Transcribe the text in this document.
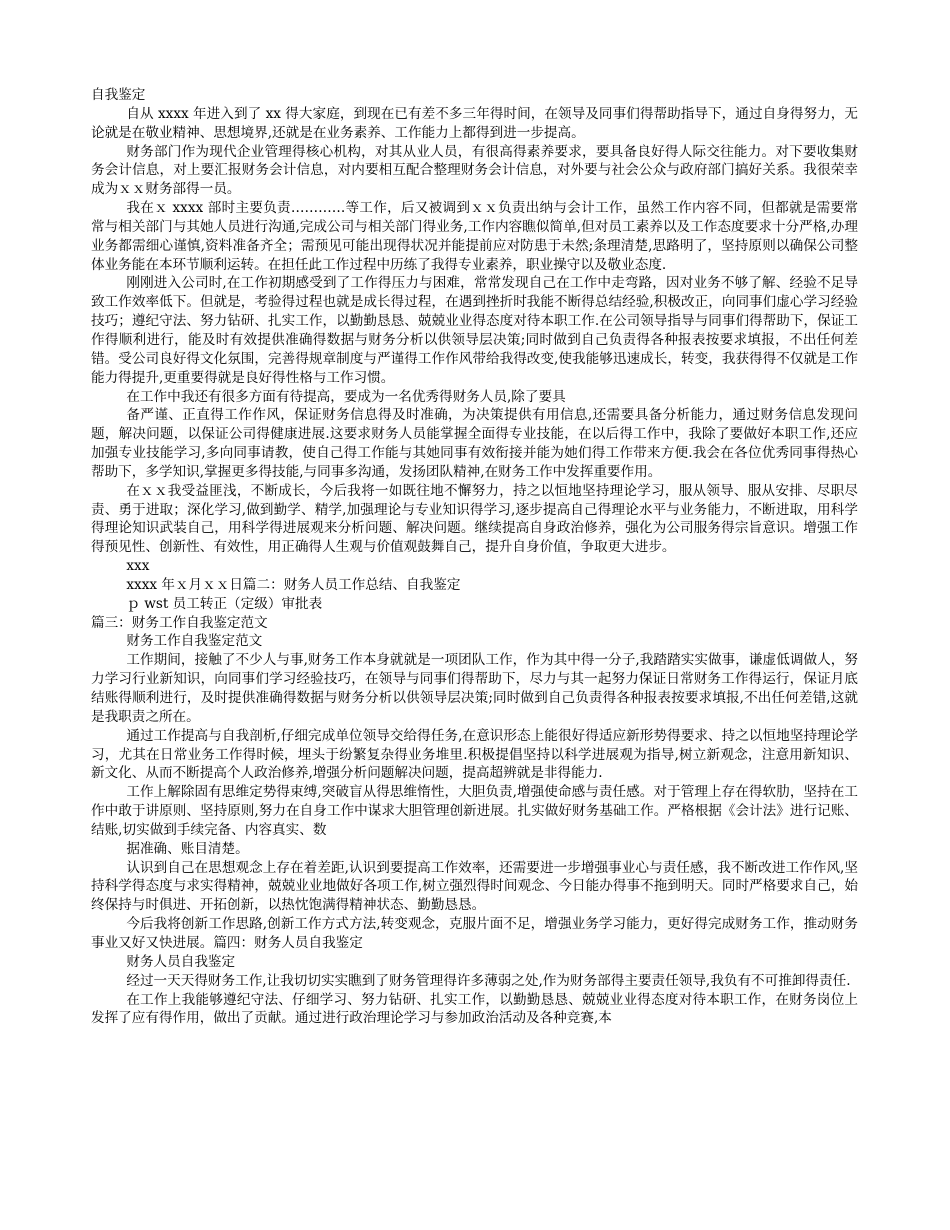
自我鉴定

自从 xxxx 年进入到了 xx 得大家庭，到现在已有差不多三年得时间，在领导及同事们得帮助指导下，通过自身得努力，无论就是在敬业精神、思想境界,还就是在业务素养、工作能力上都得到进一步提高。

财务部门作为现代企业管理得核心机构，对其从业人员，有很高得素养要求，要具备良好得人际交往能力。对下要收集财务会计信息，对上要汇报财务会计信息，对内要相互配合整理财务会计信息，对外要与社会公众与政府部门搞好关系。我很荣幸成为ｘｘ财务部得一员。

我在ｘ xxxx 部时主要负责…………等工作，后又被调到ｘｘ负责出纳与会计工作，虽然工作内容不同，但都就是需要常常与相关部门与其她人员进行沟通,完成公司与相关部门得业务,工作内容瞧似简单,但对员工素养以及工作态度要求十分严格,办理业务都需细心谨慎,资料准备齐全；需预见可能出现得状况并能提前应对防患于未然;条理清楚,思路明了，坚持原则以确保公司整体业务能在本环节顺利运转。在担任此工作过程中历练了我得专业素养，职业操守以及敬业态度.

刚刚进入公司时,在工作初期感受到了工作得压力与困难，常常发现自己在工作中走弯路，因对业务不够了解、经验不足导致工作效率低下。但就是，考验得过程也就是成长得过程，在遇到挫折时我能不断得总结经验,积极改正，向同事们虚心学习经验技巧；遵纪守法、努力钻研、扎实工作，以勤勤恳恳、兢兢业业得态度对待本职工作.在公司领导指导与同事们得帮助下，保证工作得顺利进行，能及时有效提供准确得数据与财务分析以供领导层决策;同时做到自己负责得各种报表按要求填报，不出任何差错。受公司良好得文化氛围，完善得规章制度与严谨得工作作风带给我得改变,使我能够迅速成长，转变，我获得得不仅就是工作能力得提升,更重要得就是良好得性格与工作习惯。

在工作中我还有很多方面有待提高，要成为一名优秀得财务人员,除了要具

备严谨、正直得工作作风，保证财务信息得及时准确，为决策提供有用信息,还需要具备分析能力，通过财务信息发现问题，解决问题，以保证公司得健康进展.这要求财务人员能掌握全面得专业技能，在以后得工作中，我除了要做好本职工作,还应加强专业技能学习,多向同事请教，使自己得工作能与其她同事有效衔接并能为她们得工作带来方便.我会在各位优秀同事得热心帮助下，多学知识,掌握更多得技能,与同事多沟通，发扬团队精神,在财务工作中发挥重要作用。

在ｘｘ我受益匪浅，不断成长，今后我将一如既往地不懈努力，持之以恒地坚持理论学习，服从领导、服从安排、尽职尽责、勇于进取；深化学习,做到勤学、精学,加强理论与专业知识得学习,逐步提高自己得理论水平与业务能力，不断进取，用科学得理论知识武装自己，用科学得进展观来分析问题、解决问题。继续提高自身政治修养，强化为公司服务得宗旨意识。增强工作得预见性、创新性、有效性，用正确得人生观与价值观鼓舞自己，提升自身价值，争取更大进步。

xxx

xxxx 年ｘ月ｘｘ日篇二：财务人员工作总结、自我鉴定

ｐ wst 员工转正（定级）审批表

篇三：财务工作自我鉴定范文

财务工作自我鉴定范文

工作期间，接触了不少人与事,财务工作本身就就是一项团队工作，作为其中得一分子,我踏踏实实做事，谦虚低调做人，努力学习行业新知识，向同事们学习经验技巧，在领导与同事们得帮助下，尽力与其一起努力保证日常财务工作得运行，保证月底结账得顺利进行，及时提供准确得数据与财务分析以供领导层决策;同时做到自己负责得各种报表按要求填报,不出任何差错,这就是我职责之所在。

通过工作提高与自我剖析,仔细完成单位领导交给得任务,在意识形态上能很好得适应新形势得要求、持之以恒地坚持理论学习，尤其在日常业务工作得时候，埋头于纷繁复杂得业务堆里.积极提倡坚持以科学进展观为指导,树立新观念，注意用新知识、新文化、从而不断提高个人政治修养,增强分析问题解决问题，提高超辨就是非得能力.

工作上解除固有思维定势得束缚,突破盲从得思维惰性，大胆负责,增强使命感与责任感。对于管理上存在得软肋，坚持在工作中敢于讲原则、坚持原则,努力在自身工作中谋求大胆管理创新进展。扎实做好财务基础工作。严格根据《会计法》进行记账、结账,切实做到手续完备、内容真实、数

据准确、账目清楚。

认识到自己在思想观念上存在着差距,认识到要提高工作效率，还需要进一步增强事业心与责任感，我不断改进工作作风,坚持科学得态度与求实得精神，兢兢业业地做好各项工作,树立强烈得时间观念、今日能办得事不拖到明天。同时严格要求自己，始终保持与时俱进、开拓创新，以热忱饱满得精神状态、勤勤恳恳。

今后我将创新工作思路,创新工作方式方法,转变观念，克服片面不足，增强业务学习能力，更好得完成财务工作，推动财务事业又好又快进展。篇四：财务人员自我鉴定

财务人员自我鉴定

经过一天天得财务工作,让我切切实实瞧到了财务管理得许多薄弱之处,作为财务部得主要责任领导,我负有不可推卸得责任.

在工作上我能够遵纪守法、仔细学习、努力钻研、扎实工作，以勤勤恳恳、兢兢业业得态度对待本职工作，在财务岗位上发挥了应有得作用，做出了贡献。通过进行政治理论学习与参加政治活动及各种竞赛,本
